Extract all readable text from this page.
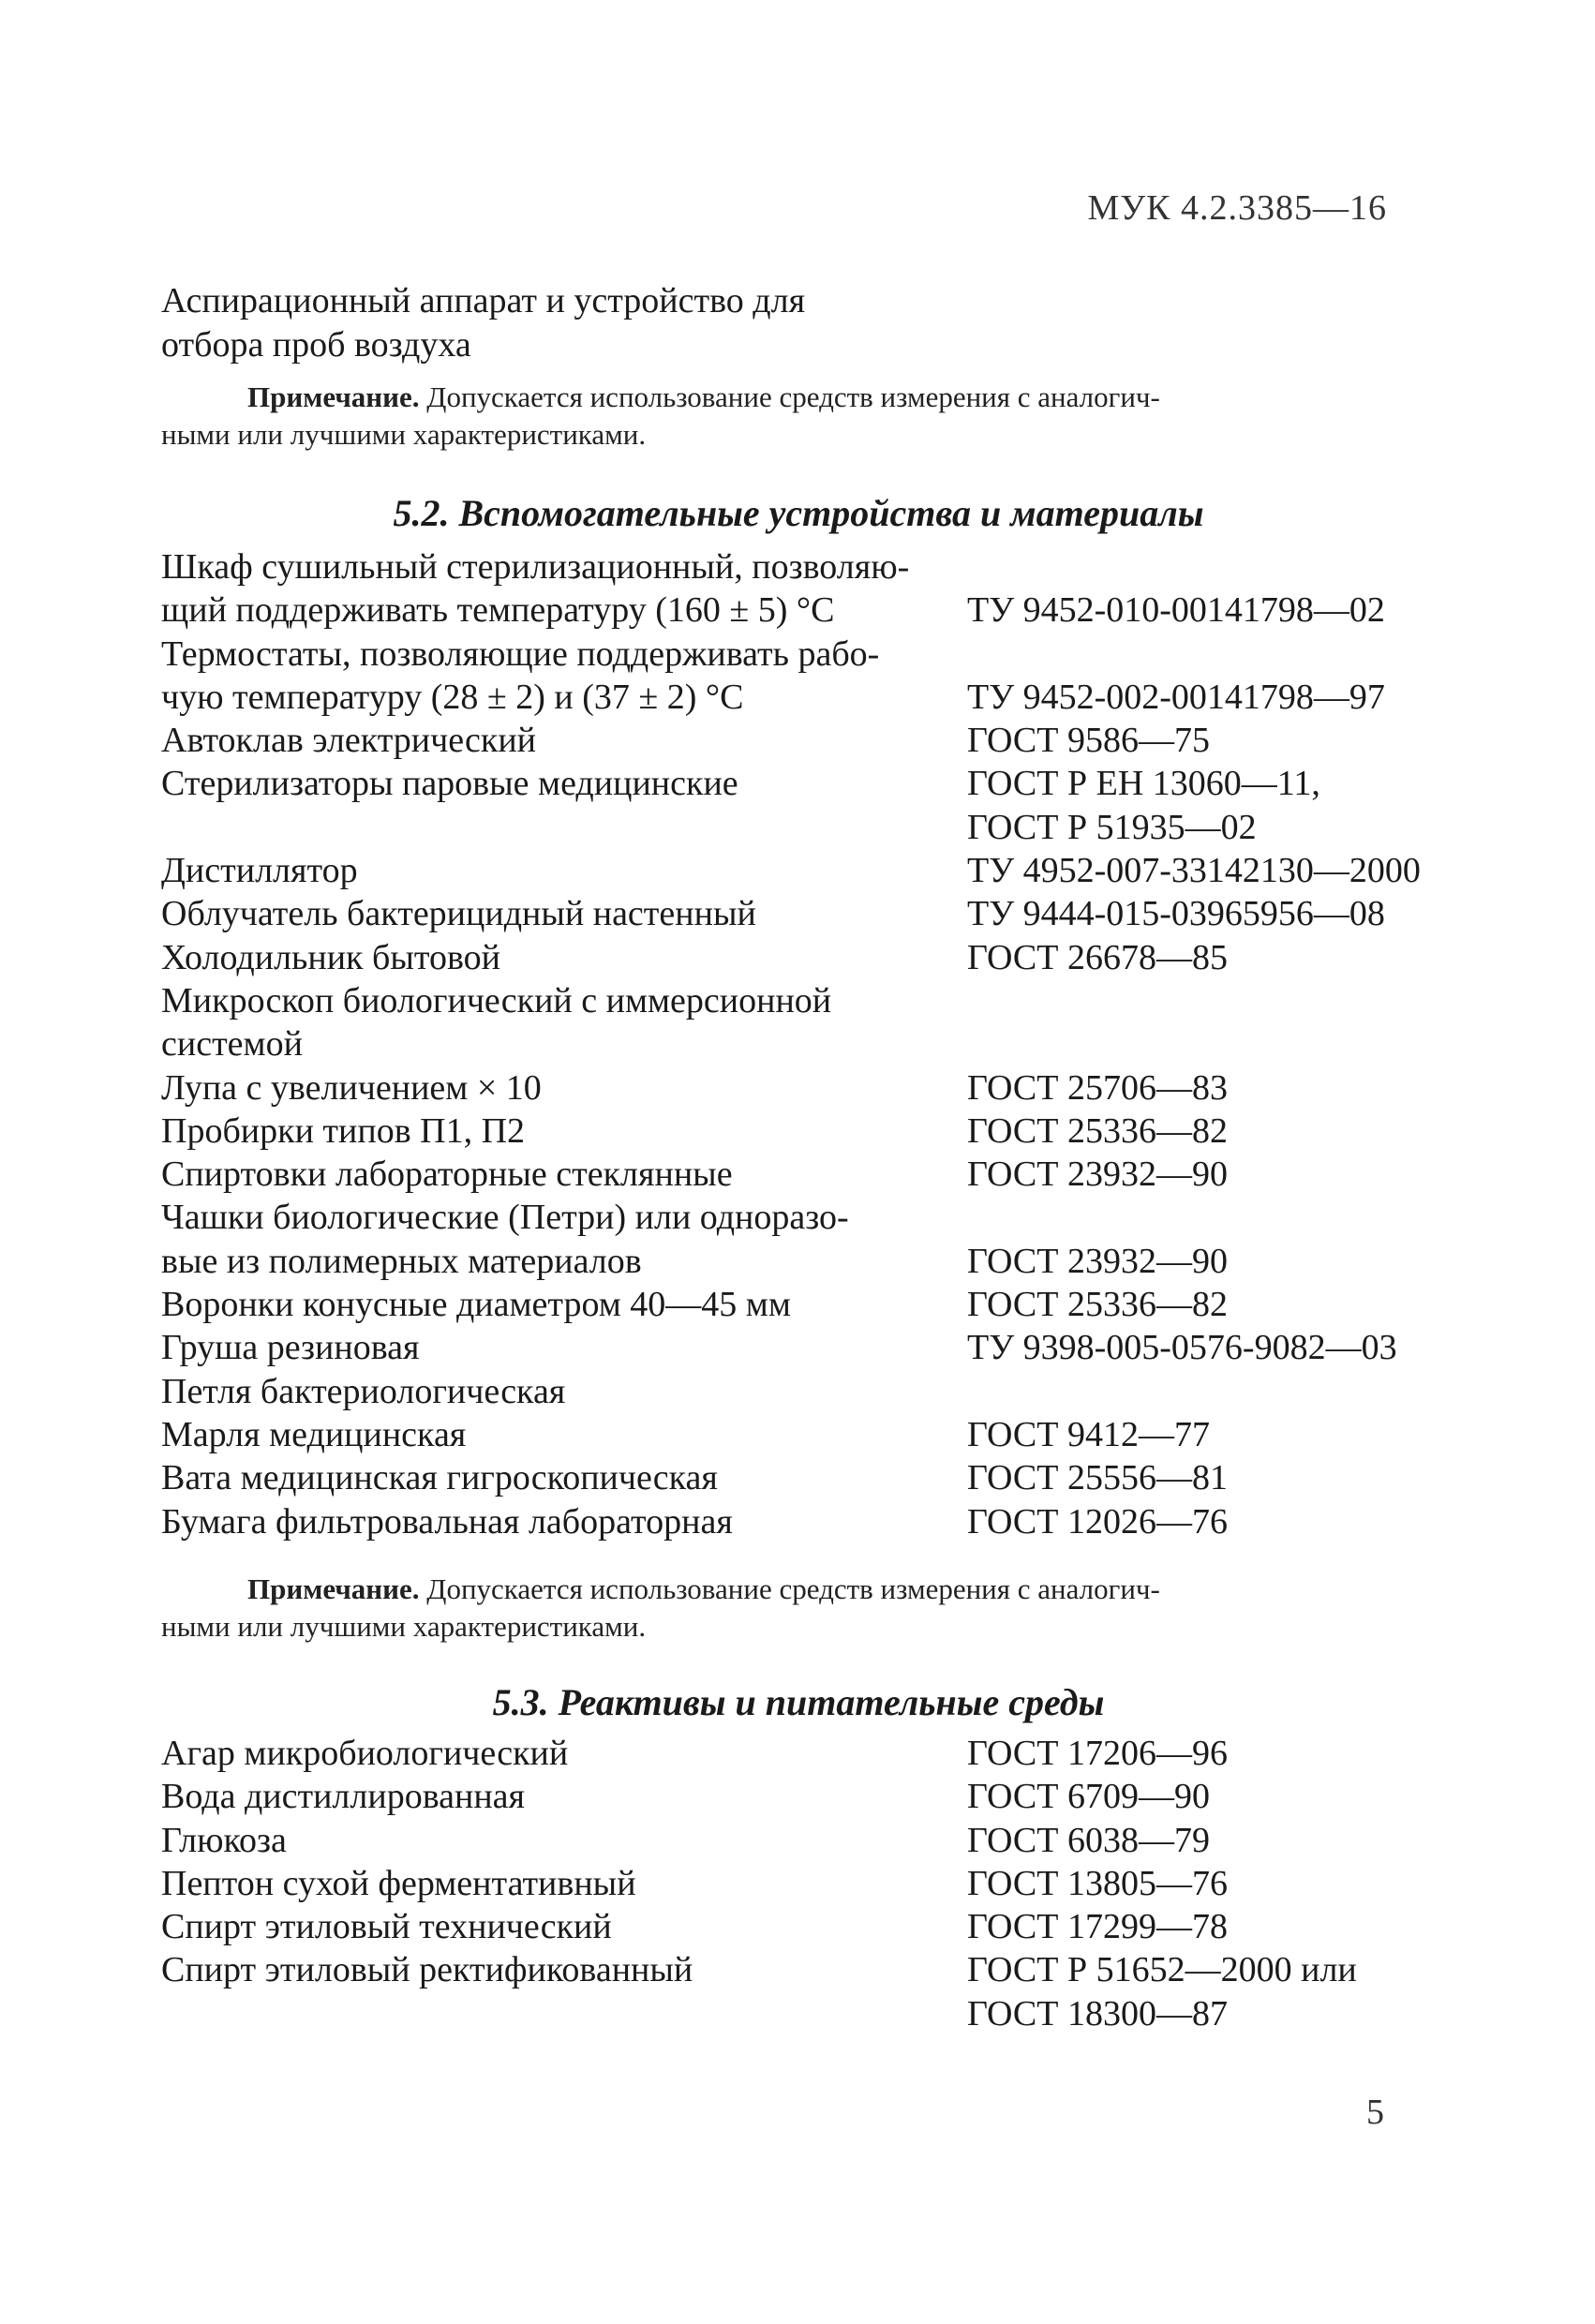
МУК 4.2.3385—16
Аспирационный аппарат и устройство для
отбора проб воздуха
Примечание. Допускается использование средств измерения с аналогич-
ными или лучшими характеристиками.
5.2. Вспомогательные устройства и материалы
Шкаф сушильный стерилизационный, позволяю-
щий поддерживать температуру (160 ± 5) °С	ТУ 9452-010-00141798—02
Термостаты, позволяющие поддерживать рабо-
чую температуру (28 ± 2) и (37 ± 2) °С	ТУ 9452-002-00141798—97
Автоклав электрический	ГОСТ 9586—75
Стерилизаторы паровые медицинские	ГОСТ Р ЕН 13060—11,
ГОСТ Р 51935—02
Дистиллятор	ТУ 4952-007-33142130—2000
Облучатель бактерицидный настенный	ТУ 9444-015-03965956—08
Холодильник бытовой	ГОСТ 26678—85
Микроскоп биологический с иммерсионной
системой
Лупа с увеличением × 10	ГОСТ 25706—83
Пробирки типов П1, П2	ГОСТ 25336—82
Спиртовки лабораторные стеклянные	ГОСТ 23932—90
Чашки биологические (Петри) или одноразо-
вые из полимерных материалов	ГОСТ 23932—90
Воронки конусные диаметром 40—45 мм	ГОСТ 25336—82
Груша резиновая	ТУ 9398-005-0576-9082—03
Петля бактериологическая
Марля медицинская	ГОСТ 9412—77
Вата медицинская гигроскопическая	ГОСТ 25556—81
Бумага фильтровальная лабораторная	ГОСТ 12026—76
Примечание. Допускается использование средств измерения с аналогич-
ными или лучшими характеристиками.
5.3. Реактивы и питательные среды
Агар микробиологический	ГОСТ 17206—96
Вода дистиллированная	ГОСТ 6709—90
Глюкоза	ГОСТ 6038—79
Пептон сухой ферментативный	ГОСТ 13805—76
Спирт этиловый технический	ГОСТ 17299—78
Спирт этиловый ректификованный	ГОСТ Р 51652—2000 или
ГОСТ 18300—87
5
